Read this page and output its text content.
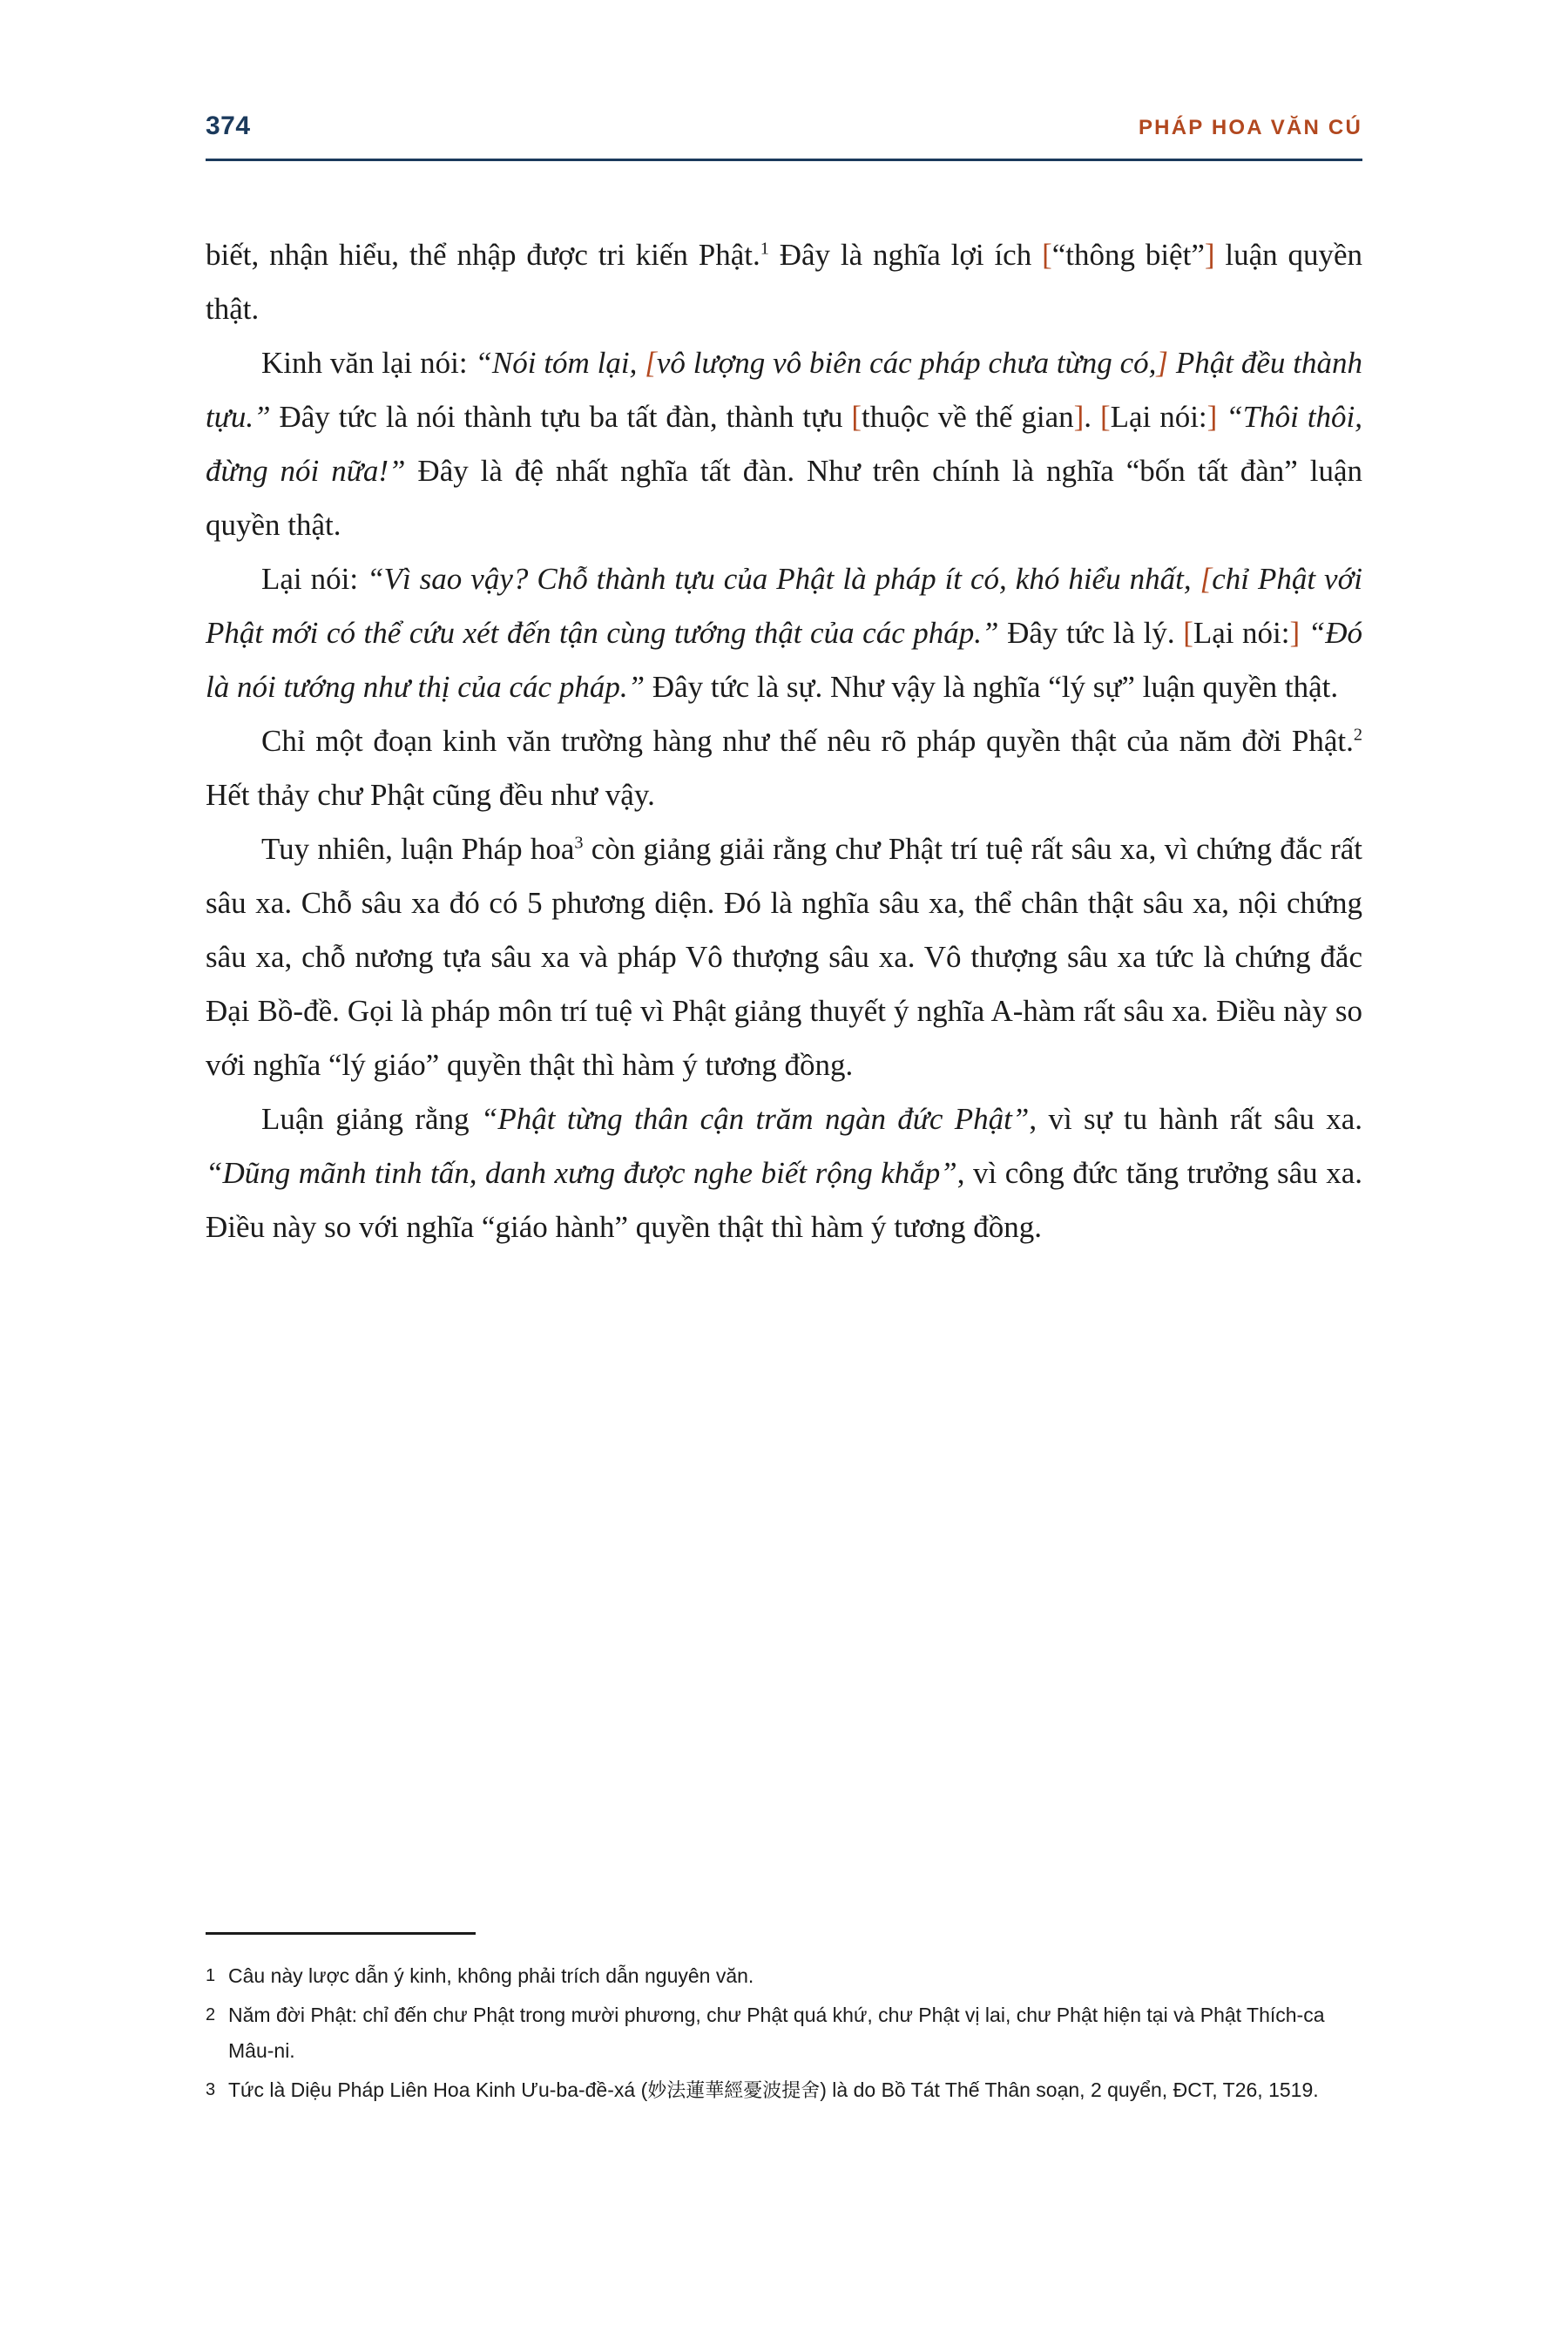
374	PHÁP HOA VĂN CÚ

biết, nhận hiểu, thể nhập được tri kiến Phật.$^1$ Đây là nghĩa lợi ích [“thông biệt”] luận quyền thật.

Kinh văn lại nói: “Nói tóm lại, [vô lượng vô biên các pháp chưa từng có,] Phật đều thành tựu.” Đây tức là nói thành tựu ba tất đàn, thành tựu [thuộc về thế gian]. [Lại nói:] “Thôi thôi, đừng nói nữa!” Đây là đệ nhất nghĩa tất đàn. Như trên chính là nghĩa “bốn tất đàn” luận quyền thật.

Lại nói: “Vì sao vậy? Chỗ thành tựu của Phật là pháp ít có, khó hiểu nhất, [chỉ Phật với Phật mới có thể cứu xét đến tận cùng tướng thật của các pháp.” Đây tức là lý. [Lại nói:] “Đó là nói tướng như thị của các pháp.” Đây tức là sự. Như vậy là nghĩa “lý sự” luận quyền thật.

Chỉ một đoạn kinh văn trường hàng như thế nêu rõ pháp quyền thật của năm đời Phật.$^2$ Hết thảy chư Phật cũng đều như vậy.

Tuy nhiên, luận Pháp hoa$^3$ còn giảng giải rằng chư Phật trí tuệ rất sâu xa, vì chứng đắc rất sâu xa. Chỗ sâu xa đó có 5 phương diện. Đó là nghĩa sâu xa, thể chân thật sâu xa, nội chứng sâu xa, chỗ nương tựa sâu xa và pháp Vô thượng sâu xa. Vô thượng sâu xa tức là chứng đắc Đại Bồ-đề. Gọi là pháp môn trí tuệ vì Phật giảng thuyết ý nghĩa A-hàm rất sâu xa. Điều này so với nghĩa “lý giáo” quyền thật thì hàm ý tương đồng.

Luận giảng rằng “Phật từng thân cận trăm ngàn đức Phật”, vì sự tu hành rất sâu xa. “Dũng mãnh tinh tấn, danh xưng được nghe biết rộng khắp”, vì công đức tăng trưởng sâu xa. Điều này so với nghĩa “giáo hành” quyền thật thì hàm ý tương đồng.

1 Câu này lược dẫn ý kinh, không phải trích dẫn nguyên văn.
2 Năm đời Phật: chỉ đến chư Phật trong mười phương, chư Phật quá khứ, chư Phật vị lai, chư Phật hiện tại và Phật Thích-ca Mâu-ni.
3 Tức là Diệu Pháp Liên Hoa Kinh Ưu-ba-đề-xá (妙法蓮華經憂波提舍) là do Bồ Tát Thế Thân soạn, 2 quyển, ĐCT, T26, 1519.
